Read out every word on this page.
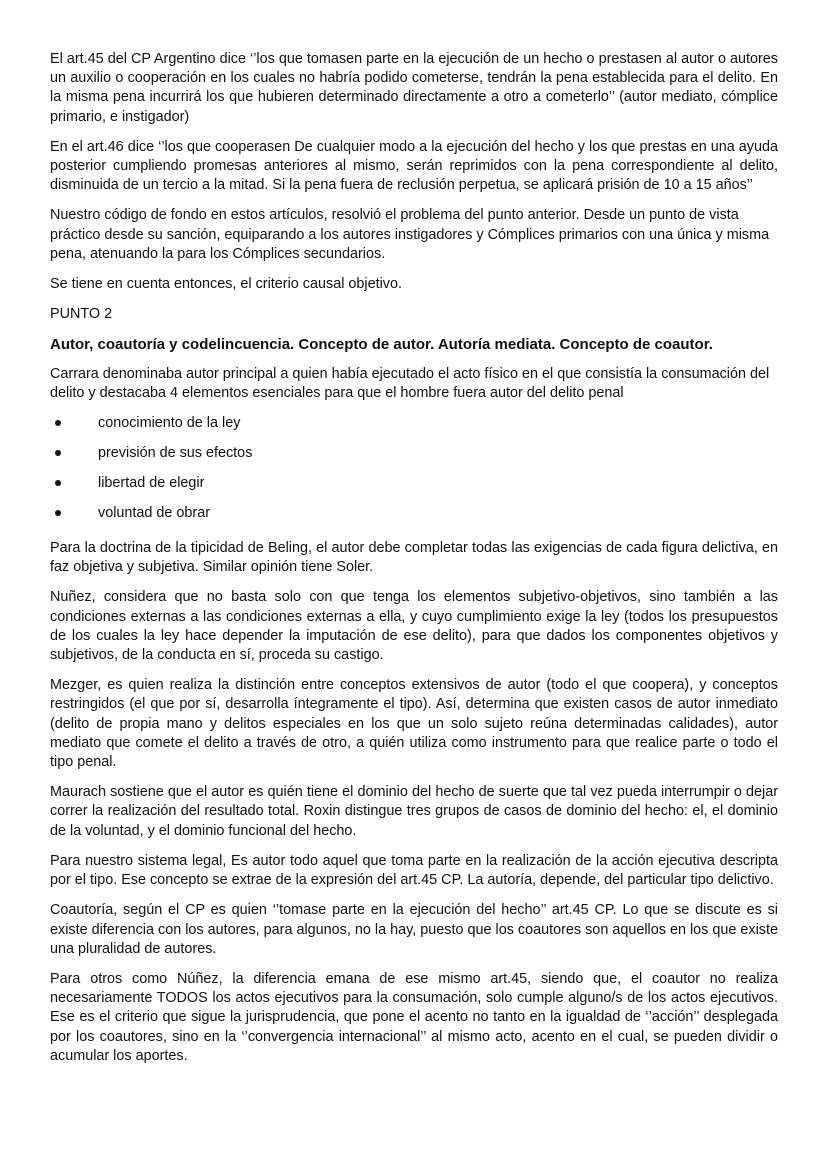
El art.45 del CP Argentino dice ‘’los que tomasen parte en la ejecución de un hecho o prestasen al autor o autores un auxilio o cooperación en los cuales no habría podido cometerse, tendrán la pena establecida para el delito. En la misma pena incurrirá los que hubieren determinado directamente a otro a cometerlo’’ (autor mediato, cómplice primario, e instigador)

En el art.46 dice ‘’los que cooperasen De cualquier modo a la ejecución del hecho y los que prestas en una ayuda posterior cumpliendo promesas anteriores al mismo, serán reprimidos con la pena correspondiente al delito, disminuida de un tercio a la mitad. Si la pena fuera de reclusión perpetua, se aplicará prisión de 10 a 15 años’’

Nuestro código de fondo en estos artículos, resolvió el problema del punto anterior. Desde un punto de vista práctico desde su sanción, equiparando a los autores instigadores y Cómplices primarios con una única y misma pena, atenuando la para los Cómplices secundarios.

Se tiene en cuenta entonces, el criterio causal objetivo.

PUNTO 2

Autor, coautoría y codelincuencia. Concepto de autor. Autoría mediata. Concepto de coautor.

Carrara denominaba autor principal a quien había ejecutado el acto físico en el que consistía la consumación del delito y destacaba 4 elementos esenciales para que el hombre fuera autor del delito penal

conocimiento de la ley
previsión de sus efectos
libertad de elegir
voluntad de obrar

Para la doctrina de la tipicidad de Beling, el autor debe completar todas las exigencias de cada figura delictiva, en faz objetiva y subjetiva. Similar opinión tiene Soler.

Nuñez, considera que no basta solo con que tenga los elementos subjetivo-objetivos, sino también a las condiciones externas a las condiciones externas a ella, y cuyo cumplimiento exige la ley (todos los presupuestos de los cuales la ley hace depender la imputación de ese delito), para que dados los componentes objetivos y subjetivos, de la conducta en sí, proceda su castigo.

Mezger, es quien realiza la distinción entre conceptos extensivos de autor (todo el que coopera), y conceptos restringidos (el que por sí, desarrolla íntegramente el tipo). Así, determina que existen casos de autor inmediato (delito de propia mano y delitos especiales en los que un solo sujeto reúna determinadas calidades), autor mediato que comete el delito a través de otro, a quién utiliza como instrumento para que realice parte o todo el tipo penal.

Maurach sostiene que el autor es quién tiene el dominio del hecho de suerte que tal vez pueda interrumpir o dejar correr la realización del resultado total. Roxin distingue tres grupos de casos de dominio del hecho: el, el dominio de la voluntad, y el dominio funcional del hecho.

Para nuestro sistema legal, Es autor todo aquel que toma parte en la realización de la acción ejecutiva descripta por el tipo. Ese concepto se extrae de la expresión del art.45 CP. La autoría, depende, del particular tipo delictivo.

Coautoría, según el CP es quien ‘’tomase parte en la ejecución del hecho’’ art.45 CP. Lo que se discute es si existe diferencia con los autores, para algunos, no la hay, puesto que los coautores son aquellos en los que existe una pluralidad de autores.

Para otros como Núñez, la diferencia emana de ese mismo art.45, siendo que, el coautor no realiza necesariamente TODOS los actos ejecutivos para la consumación, solo cumple alguno/s de los actos ejecutivos. Ese es el criterio que sigue la jurisprudencia, que pone el acento no tanto en la igualdad de ‘’acción’’ desplegada por los coautores, sino en la ‘’convergencia internacional’’ al mismo acto, acento en el cual, se pueden dividir o acumular los aportes.
